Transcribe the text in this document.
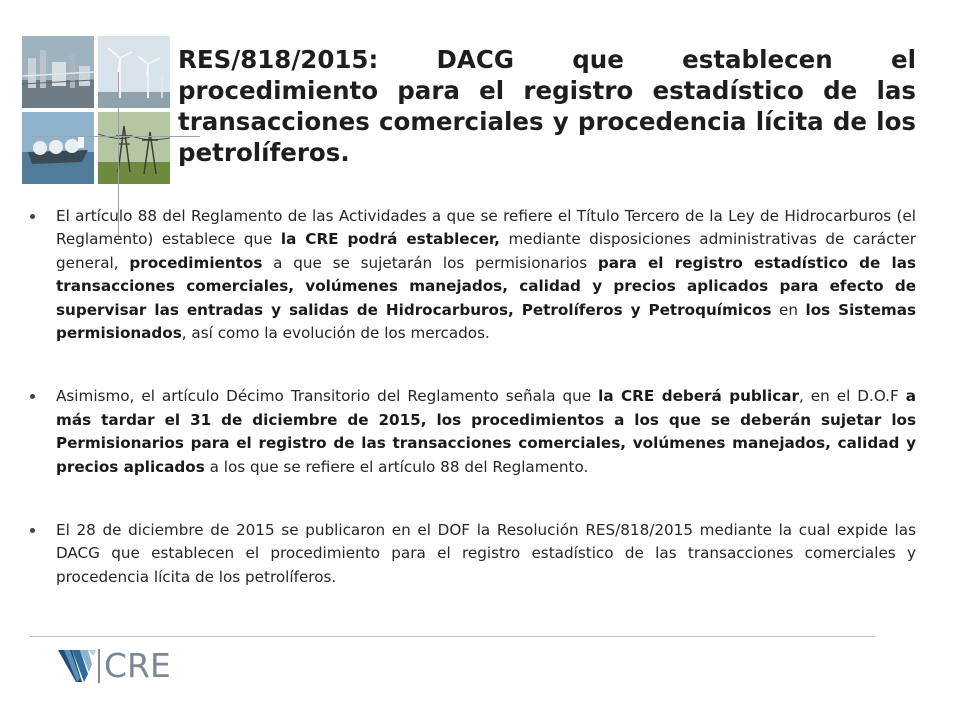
RES/818/2015: DACG que establecen el procedimiento para el registro estadístico de las transacciones comerciales y procedencia lícita de los petrolíferos.
El artículo 88 del Reglamento de las Actividades a que se refiere el Título Tercero de la Ley de Hidrocarburos (el Reglamento) establece que la CRE podrá establecer, mediante disposiciones administrativas de carácter general, procedimientos a que se sujetarán los permisionarios para el registro estadístico de las transacciones comerciales, volúmenes manejados, calidad y precios aplicados para efecto de supervisar las entradas y salidas de Hidrocarburos, Petrolíferos y Petroquímicos en los Sistemas permisionados, así como la evolución de los mercados.
Asimismo, el artículo Décimo Transitorio del Reglamento señala que la CRE deberá publicar, en el D.O.F a más tardar el 31 de diciembre de 2015, los procedimientos a los que se deberán sujetar los Permisionarios para el registro de las transacciones comerciales, volúmenes manejados, calidad y precios aplicados a los que se refiere el artículo 88 del Reglamento.
El 28 de diciembre de 2015 se publicaron en el DOF la Resolución RES/818/2015 mediante la cual expide las DACG que establecen el procedimiento para el registro estadístico de las transacciones comerciales y procedencia lícita de los petrolíferos.
CRE
